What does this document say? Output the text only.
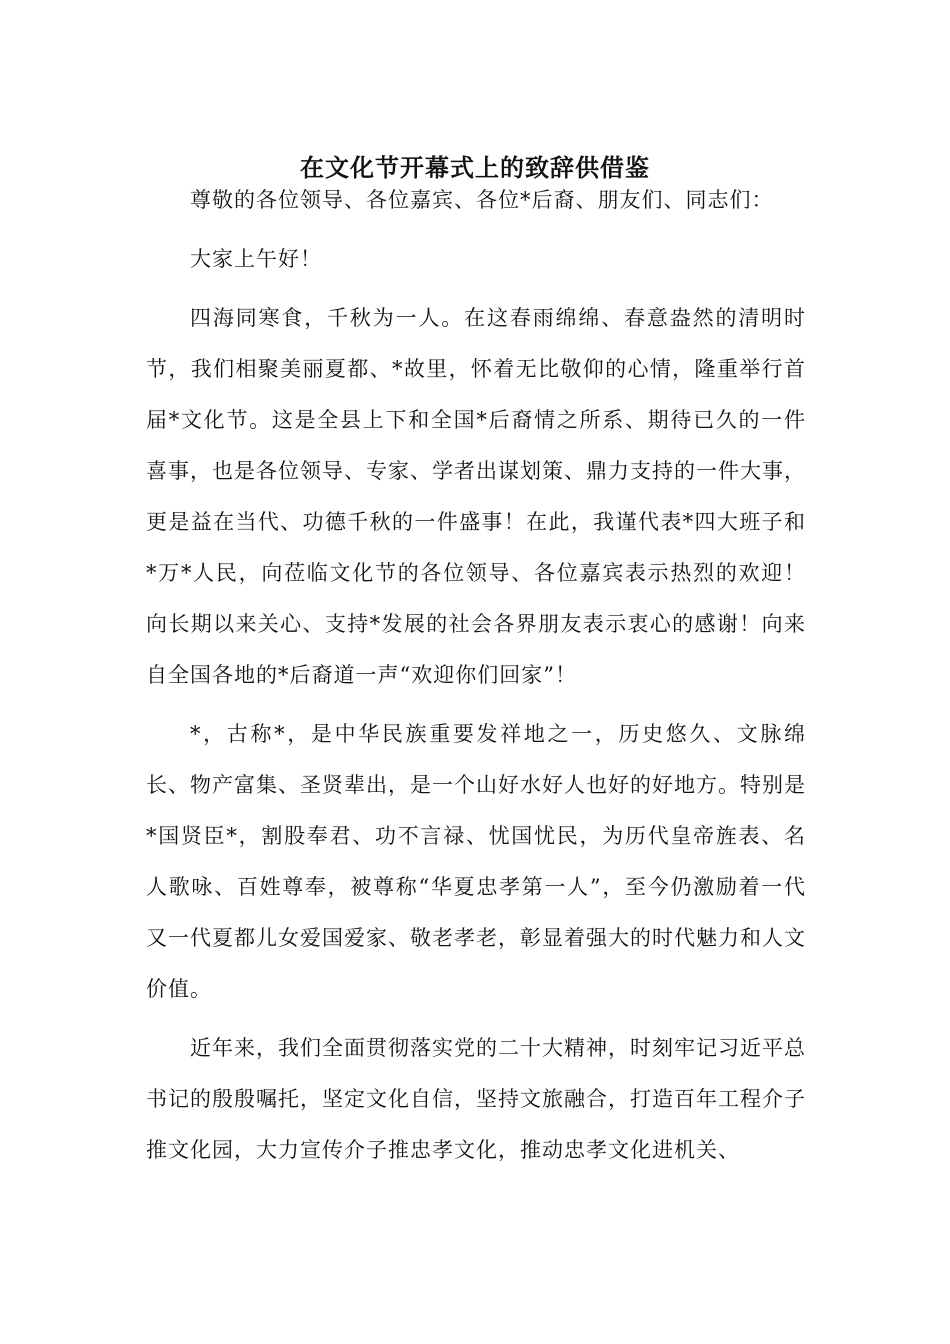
在文化节开幕式上的致辞供借鉴

尊敬的各位领导、各位嘉宾、各位*后裔、朋友们、同志们：

大家上午好！

四海同寒食，千秋为一人。在这春雨绵绵、春意盎然的清明时节，我们相聚美丽夏都、*故里，怀着无比敬仰的心情，隆重举行首届*文化节。这是全县上下和全国*后裔情之所系、期待已久的一件喜事，也是各位领导、专家、学者出谋划策、鼎力支持的一件大事，更是益在当代、功德千秋的一件盛事！在此，我谨代表*四大班子和*万*人民，向莅临文化节的各位领导、各位嘉宾表示热烈的欢迎！向长期以来关心、支持*发展的社会各界朋友表示衷心的感谢！向来自全国各地的*后裔道一声“欢迎你们回家”！

*，古称*，是中华民族重要发祥地之一，历史悠久、文脉绵长、物产富集、圣贤辈出，是一个山好水好人也好的好地方。特别是*国贤臣*，割股奉君、功不言禄、忧国忧民，为历代皇帝旌表、名人歌咏、百姓尊奉，被尊称“华夏忠孝第一人”，至今仍激励着一代又一代夏都儿女爱国爱家、敬老孝老，彰显着强大的时代魅力和人文价值。

近年来，我们全面贯彻落实党的二十大精神，时刻牢记习近平总书记的殷殷嘱托，坚定文化自信，坚持文旅融合，打造百年工程介子推文化园，大力宣传介子推忠孝文化，推动忠孝文化进机关、
